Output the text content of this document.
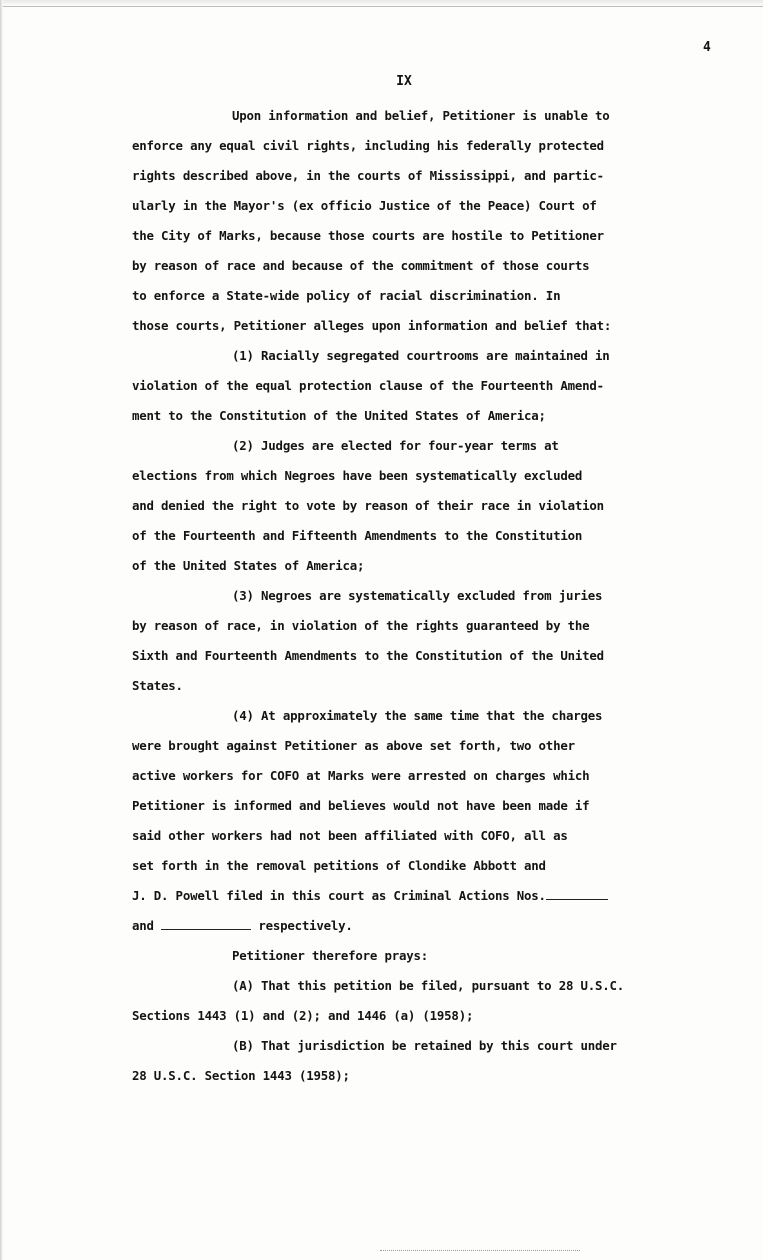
4
IX
Upon information and belief, Petitioner is unable to
enforce any equal civil rights, including his federally protected
rights described above, in the courts of Mississippi, and partic-
ularly in the Mayor's (ex officio Justice of the Peace) Court of
the City of Marks, because those courts are hostile to Petitioner
by reason of race and because of the commitment of those courts
to enforce a State-wide policy of racial discrimination. In
those courts, Petitioner alleges upon information and belief that:
(1) Racially segregated courtrooms are maintained in
violation of the equal protection clause of the Fourteenth Amend-
ment to the Constitution of the United States of America;
(2) Judges are elected for four-year terms at
elections from which Negroes have been systematically excluded
and denied the right to vote by reason of their race in violation
of the Fourteenth and Fifteenth Amendments to the Constitution
of the United States of America;
(3) Negroes are systematically excluded from juries
by reason of race, in violation of the rights guaranteed by the
Sixth and Fourteenth Amendments to the Constitution of the United
States.
(4) At approximately the same time that the charges
were brought against Petitioner as above set forth, two other
active workers for COFO at Marks were arrested on charges which
Petitioner is informed and believes would not have been made if
said other workers had not been affiliated with COFO, all as
set forth in the removal petitions of Clondike Abbott and
J. D. Powell filed in this court as Criminal Actions Nos.
and	respectively.
Petitioner therefore prays:
(A) That this petition be filed, pursuant to 28 U.S.C.
Sections 1443 (1) and (2); and 1446 (a) (1958);
(B) That jurisdiction be retained by this court under
28 U.S.C. Section 1443 (1958);
